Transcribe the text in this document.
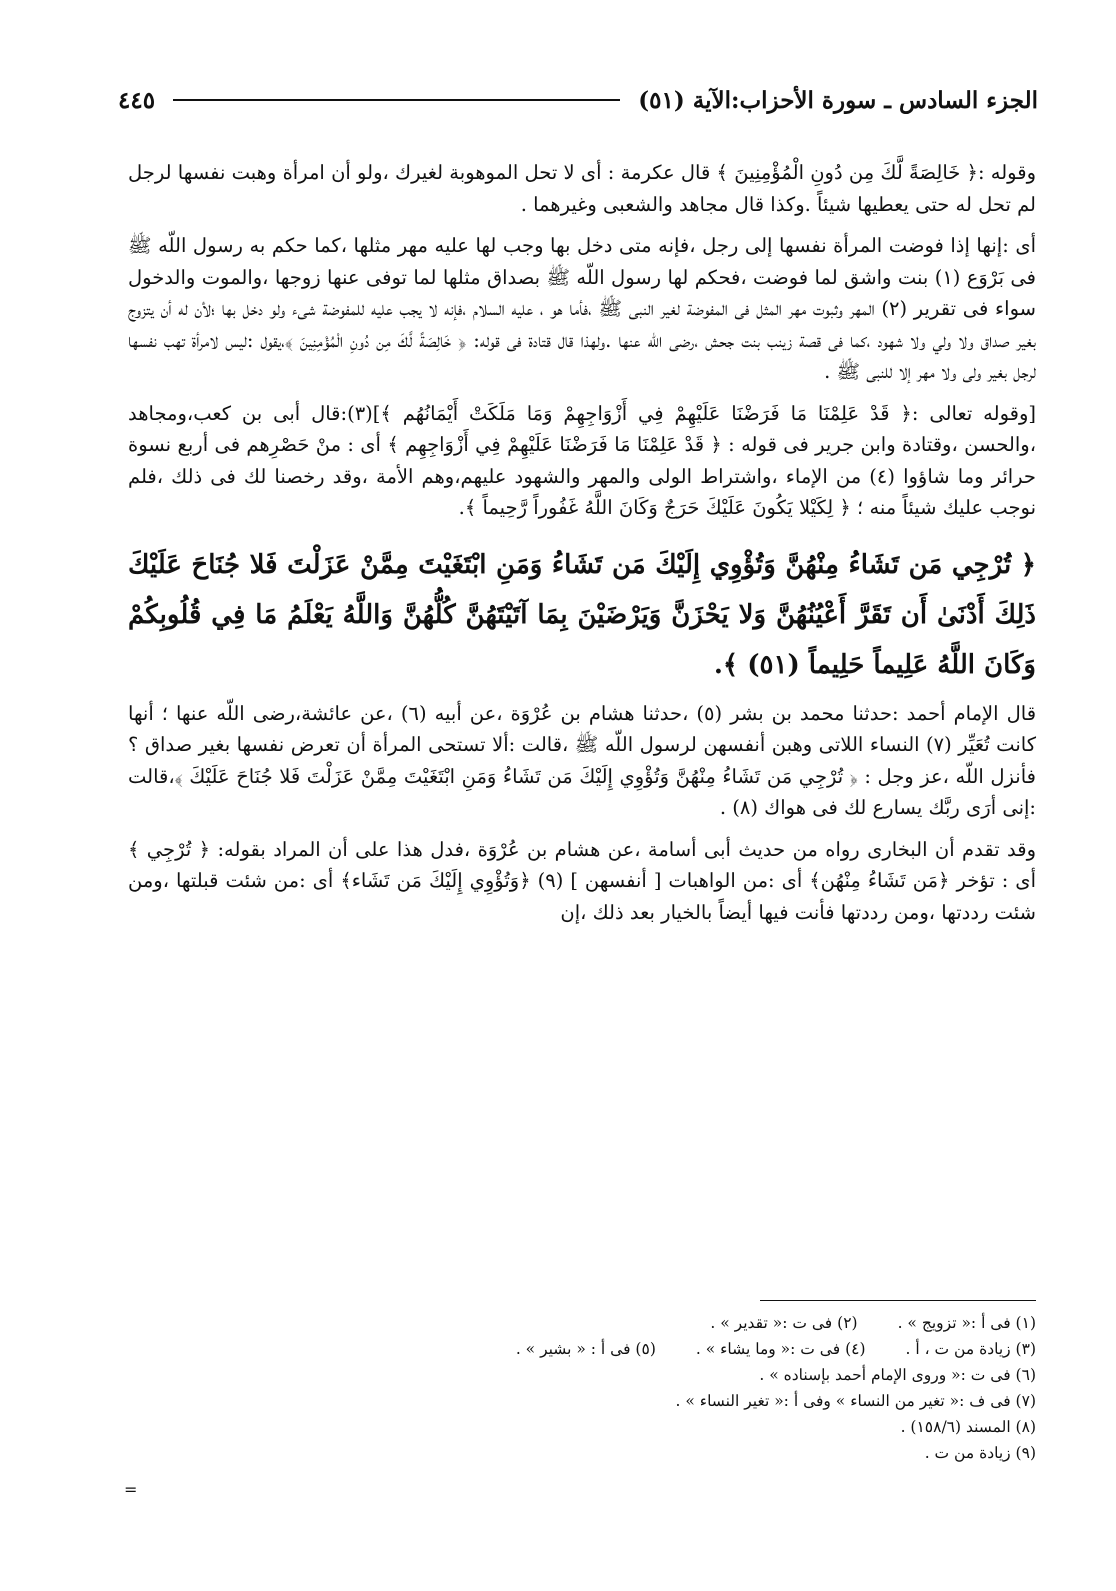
الجزء السادس ـ سورة الأحزاب:الآية (٥١)
٤٤٥

وقوله :﴿ خَالِصَةً لَّكَ مِن دُونِ الْمُؤْمِنِينَ ﴾ قال عكرمة : أى لا تحل الموهوبة لغيرك ،ولو أن امرأة وهبت نفسها لرجل لم تحل له حتى يعطيها شيئاً .وكذا قال مجاهد والشعبى وغيرهما .

أى :إنها إذا فوضت المرأة نفسها إلى رجل ،فإنه متى دخل بها وجب لها عليه مهر مثلها ،كما حكم به رسول اللّه ﷺ فى بَرْوَع (١) بنت واشق لما فوضت ،فحكم لها رسول اللّه ﷺ بصداق مثلها لما توفى عنها زوجها ،والموت والدخول سواء فى تقرير (٢) المهر وثبوت مهر المثل فى المفوضة لغير النبى ﷺ ،فأما هو ، عليه السلام ،فإنه لا يجب عليه للمفوضة شىء ولو دخل بها ؛لأن له أن يتزوج بغير صداق ولا ولي ولا شهود ،كما فى قصة زينب بنت جحش ،رضى اللّه عنها .ولهذا قال قتادة فى قوله: ﴿ خَالِصَةً لَّكَ مِن دُونِ الْمُؤْمِنِينَ ﴾،يقول :ليس لامرأة تهب نفسها لرجل بغير ولى ولا مهر إلا للنبى ﷺ .

[وقوله تعالى :﴿ قَدْ عَلِمْنَا مَا فَرَضْنَا عَلَيْهِمْ فِي أَزْوَاجِهِمْ وَمَا مَلَكَتْ أَيْمَانُهُم ﴾](٣):قال أبى بن كعب،ومجاهد ،والحسن ،وقتادة وابن جرير فى قوله : ﴿ قَدْ عَلِمْنَا مَا فَرَضْنَا عَلَيْهِمْ فِي أَزْوَاجِهِم ﴾ أى : منْ حَصْرِهم فى أربع نسوة حرائر وما شاؤوا (٤) من الإماء ،واشتراط الولى والمهر والشهود عليهم،وهم الأمة ،وقد رخصنا لك فى ذلك ،فلم نوجب عليك شيئاً منه ؛ ﴿ لِكَيْلا يَكُونَ عَلَيْكَ حَرَجٌ وَكَانَ اللَّهُ غَفُوراً رَّحِيماً ﴾.

﴿ تُرْجِي مَن تَشَاءُ مِنْهُنَّ وَتُؤْوِي إِلَيْكَ مَن تَشَاءُ وَمَنِ ابْتَغَيْتَ مِمَّنْ عَزَلْتَ فَلا جُنَاحَ عَلَيْكَ ذَلِكَ أَدْنَىٰ أَن تَقَرَّ أَعْيُنُهُنَّ وَلا يَحْزَنَّ وَيَرْضَيْنَ بِمَا آتَيْتَهُنَّ كُلُّهُنَّ وَاللَّهُ يَعْلَمُ مَا فِي قُلُوبِكُمْ وَكَانَ اللَّهُ عَلِيماً حَلِيماً (٥١) ﴾.

قال الإمام أحمد :حدثنا محمد بن بشر (٥) ،حدثنا هشام بن عُرْوَة ،عن أبيه (٦) ،عن عائشة،رضى اللّه عنها ؛ أنها كانت تُعَيِّر (٧) النساء اللاتى وهبن أنفسهن لرسول اللّه ﷺ ،قالت :ألا تستحى المرأة أن تعرض نفسها بغير صداق ؟فأنزل اللّه ،عز وجل : ﴿ تُرْجِي مَن تَشَاءُ مِنْهُنَّ وَتُؤْوِي إِلَيْكَ مَن تَشَاءُ وَمَنِ ابْتَغَيْتَ مِمَّنْ عَزَلْتَ فَلا جُنَاحَ عَلَيْكَ ﴾،قالت :إنى أرَى ربَّك يسارع لك فى هواك (٨) .

وقد تقدم أن البخارى رواه من حديث أبى أسامة ،عن هشام بن عُرْوَة ،فدل هذا على أن المراد بقوله: ﴿ تُرْجِي ﴾ أى : تؤخر ﴿مَن تَشَاءُ مِنْهُن﴾ أى :من الواهبات [ أنفسهن ] (٩) ﴿وَتُؤْوِي إِلَيْكَ مَن تَشَاء﴾ أى :من شئت قبلتها ،ومن شئت رددتها ،ومن رددتها فأنت فيها أيضاً بالخيار بعد ذلك ،إن

(١) فى أ :« تزويج » .
(٢) فى ت :« تقدير » .
(٣) زيادة من ت ، أ .
(٤) فى ت :« وما يشاء » .
(٥) فى أ : « بشير » .
(٦) فى ت :« وروى الإمام أحمد بإسناده » .
(٧) فى ف :« تغير من النساء » وفى أ :« تغير النساء » .
(٨) المسند (١٥٨/٦) .
(٩) زيادة من ت .
=
